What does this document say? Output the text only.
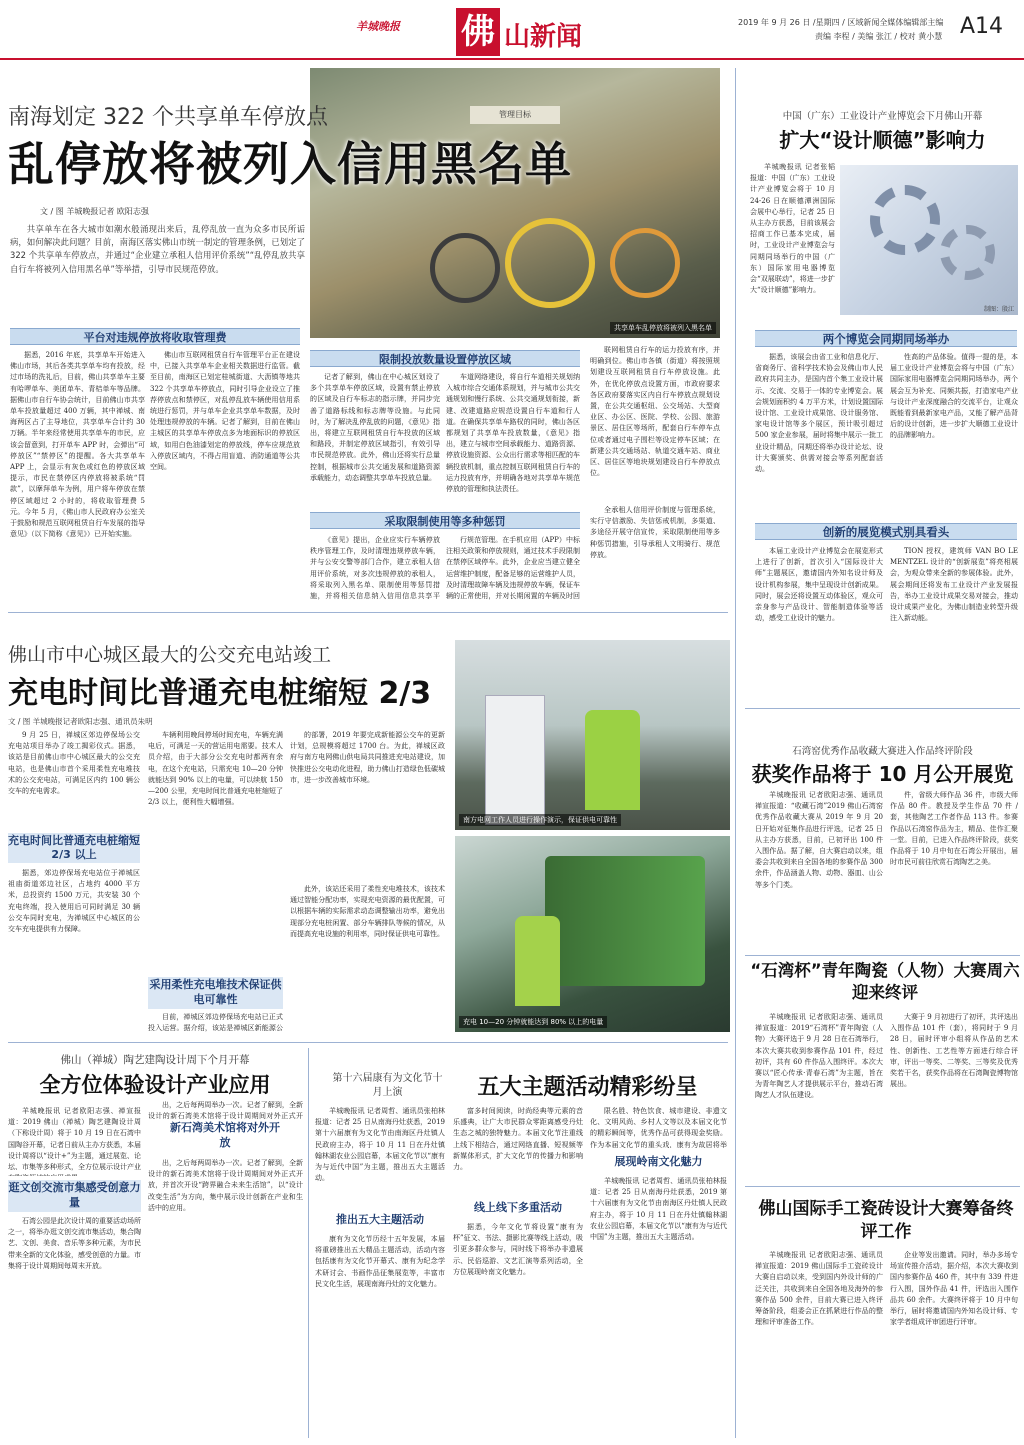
羊城晚报 佛 山新闻	2019 年 9 月 26 日 /星期四 / 区域新闻全媒体编辑部主编
责编 李程 / 美编 张江 / 校对 黄小慧 A14
管理目标
共享单车乱停放将被列入黑名单
南海划定 322 个共享单车停放点
乱停放将被列入信用黑名单
文 / 图 羊城晚报记者 欧阳志强

共享单车在各大城市如潮水般涌现出来后，乱停乱放一直为众多市民所诟病，如何解决此问题？目前，南海区落实佛山市统一制定的管理条例，已划定了 322 个共享单车停放点，并通过“企业建立承租人信用评价系统”“乱停乱放共享自行车将被列入信用黑名单”等举措，引导市民规范停放。

平台对违规停放将收取管理费

据悉，2016 年底，共享单车开始进入佛山市场，其后各类共享单车均有投放，经过市场的洗礼后，目前，佛山共享单车主要有哈啰单车、美团单车、青桔单车等品牌。据佛山市自行车协会统计，目前佛山市共享单车投放量超过 400 万辆，其中禅城、南海两区占了主导地位，共享单车合计约 30 万辆。半年来经常使用共享单车的市民，应该会留意到，打开单车 APP 时，会弹出“可停放区”“禁停区”的提醒。各大共享单车 APP 上，会显示有灰色或红色的停放区域提示，市民在禁停区内停放将被系统“罚款”，以摩拜单车为例，用户将车停放在禁停区域超过 2 小时的，将收取管理费 5 元。今年 5 月，《佛山市人民政府办公室关于鼓励和规范互联网租赁自行车发展的指导意见》（以下简称《意见》）已开始实施。

佛山市互联网租赁自行车管理平台正在建设中，已接入共享单车企业相关数据进行监管。截至目前，南海区已划定桂城街道、大沥镇等地共 322 个共享单车停放点，同时引导企业设立了推荐停放点和禁停区，对乱停乱放车辆使用信用系统进行惩罚，并与单车企业共享单车数据，及时处理违规停放的车辆。记者了解到，目前在佛山主城区的共享单车停放点多为地面标识的停放区域，如用白色油漆划定的停放线，停车应规范放入停放区域内，不得占用盲道、消防通道等公共空间。

限制投放数量设置停放区域

记者了解到，佛山在中心城区划设了多个共享单车停放区域，设置有禁止停放的区域及自行车标志的指示牌，并同步完善了道路标线和标志牌等设施。与此同时，为了解决乱停乱放的问题，《意见》指出，将建立互联网租赁自行车投放的区域和路段，并制定停放区域指引，有效引导市民规范停放。此外，佛山还将实行总量控制，根据城市公共交通发展和道路资源承载能力，动态调整共享单车投放总量。

车道网络建设，将自行车道相关规划纳入城市综合交通体系规划，并与城市公共交通规划和慢行系统、公共交通规划衔接，新建、改建道路应规范设置自行车道和行人道。在确保共享单车路权的同时，佛山各区都规划了共享单车投放数量，《意见》指出，建立与城市空间承载能力、道路资源、停放设施资源、公众出行需求等相匹配的车辆投放机制，重点控制互联网租赁自行车的运力投放有序，并明确各地对共享单车规范停放的管理和执法责任。

联网租赁自行车的运力投放有序，并明确到位。佛山市各镇（街道）将按照规划建设互联网租赁自行车停放设施。此外，在优化停放点设置方面，市政府要求各区政府要落实区内自行车停放点规划设置，在公共交通枢纽、公交场站、大型商业区、办公区、医院、学校、公园、旅游景区、居住区等场所，配套自行车停车点位或者通过电子围栏等设定停车区域；在新建公共交通场站、轨道交通车站、商业区、居住区等地块规划建设自行车停放点位。

采取限制使用等多种惩罚

《意见》提出，企业应实行车辆停放秩序管理工作，及时清理违规停放车辆，并与公安交警等部门合作，建立承租人信用评价系统，对多次违规停放的承租人，将采取列入黑名单、限制使用等惩罚措施，并将相关信息纳入信用信息共享平

行规范管理。在手机应用（APP）中标注相关政策和停放规则，通过技术手段限制在禁停区域停车。此外，企业应当建立健全运营维护制度，配备足够的运营维护人员，及时清理故障车辆及违规停放车辆，保证车辆的正常使用，并对长期闲置的车辆及时回

全承租人信用评价制度与管理系统，实行守信激励、失信惩戒机制，多渠道、多途径开展守信宣传，采取限制使用等多种惩罚措施，引导承租人文明骑行、规范停放。

中国（广东）工业设计产业博览会下月佛山开幕
扩大“设计顺德”影响力

羊城晚报讯 记者张韬报道：中国（广东）工业设计产业博览会将于 10 月 24-26 日在顺德潭洲国际会展中心举行，记者 25 日从主办方获悉，目前该展会招商工作已基本完成，届时，工业设计产业博览会与同期同场举行的中国（广东）国际家用电器博览会“双展联动”，将进一步扩大“设计顺德”影响力。

制图：殷江
两个博览会同期同场举办

据悉，该展会由省工业和信息化厅、省商务厅、省科学技术协会及佛山市人民政府共同主办，是国内首个集工业设计展示、交流、交易于一体的专业博览会。展会规划面积约 4 万平方米，计划设置国际设计馆、工业设计成果馆、设计服务馆、家电设计馆等多个展区，预计吸引超过 500 家企业参展，届时将集中展示一批工业设计精品，同期还将举办设计论坛、设计大赛颁奖、供需对接会等系列配套活动。

性高的产品体验。值得一提的是，本届工业设计产业博览会将与中国（广东）国际家用电器博览会同期同场举办，两个展会互为补充、同频共振，打造家电产业与设计产业深度融合的交流平台，让观众既能看到最新家电产品，又能了解产品背后的设计创新，进一步扩大顺德工业设计的品牌影响力。

创新的展览模式别具看头

本届工业设计产业博览会在展览形式上进行了创新，首次引入“国际设计大师”主题展区，邀请国内外知名设计师及设计机构参展，集中呈现设计创新成果。同时，展会还将设置互动体验区，观众可亲身参与产品设计、智能制造体验等活动，感受工业设计的魅力。

TION 授权，建筑师 VAN BO LE MENTZEL 设计的“创新展览”将亮相展会，为观众带来全新的参展体验。此外，展会期间还将发布工业设计产业发展报告，举办工业设计成果交易对接会，推动设计成果产业化，为佛山制造业转型升级注入新动能。

佛山市中心城区最大的公交充电站竣工
充电时间比普通充电桩缩短 2/3
文 / 图 羊城晚报记者欧阳志强、通讯员朱明

9 月 25 日，禅城区郊边停保场公交充电站项目举办了竣工揭彩仪式。据悉，该站是目前佛山市中心城区最大的公交充电站，也是佛山市首个采用柔性充电堆技术的公交充电站，可满足区内约 100 辆公交车的充电需求。

充电时间比普通充电桩缩短 2/3 以上

据悉，郊边停保场充电站位于禅城区祖庙街道郊边社区，占地约 4000 平方米，总投资约 1500 万元，共安装 30 个充电终端，投入使用后可同时满足 30 辆公交车同时充电，为禅城区中心城区的公交车充电提供有力保障。

车辆利用晚间停场时间充电，车辆充满电后，可满足一天的营运用电需要。技术人员介绍，由于大部分公交充电时都两有余电，在这个充电站，只需充电 10—20 分钟就能达到 90% 以上的电量，可以续航 150—200 公里，充电时间比普通充电桩缩短了 2/3 以上，便利性大幅增强。

采用柔性充电堆技术保证供电可靠性

目前，禅城区郊边停保场充电站已正式投入运营。据介绍，该站是禅城区新能源公

的部署，2019 年要完成新能源公交车的更新计划，总规模将超过 1700 台。为此，禅城区政府与南方电网佛山供电局共同推进充电站建设，加快推进公交电动化进程，助力佛山打造绿色低碳城市，进一步改善城市环境。

此外，该站还采用了柔性充电堆技术，该技术通过智能分配功率，实现充电资源的最优配置，可以根据车辆的实际需求动态调整输出功率，避免出现部分充电桩闲置、部分车辆排队等候的情况，从而提高充电设施的利用率，同时保证供电可靠性。

南方电网工作人员进行操作演示，保证供电可靠性
充电 10—20 分钟就能达到 80% 以上的电量
石湾窑优秀作品收藏大赛进入作品终评阶段
获奖作品将于 10 月公开展览

羊城晚报讯 记者欧阳志强、通讯员禅宣报道：“收藏石湾”2019 佛山石湾窑优秀作品收藏大赛从 2019 年 9 月 20 日开始对征集作品进行评选，记者 25 日从主办方获悉，目前，已初评出 100 件入围作品。据了解，自大赛启动以来，组委会共收到来自全国各地的参赛作品 300 余件，作品涵盖人物、动物、器皿、山公等多个门类。

件，省级大师作品 36 件，市级大师作品 80 件。教授及学生作品 70 件 / 套，其他陶艺工作者作品 113 件。参赛作品以石湾窑作品为主，精品、佳作汇聚一堂。目前，已进入作品终评阶段，获奖作品将于 10 月中旬在石湾公开展出，届时市民可前往欣赏石湾陶艺之美。

“石湾杯”青年陶瓷（人物）大赛周六迎来终评

羊城晚报讯 记者欧阳志强、通讯员禅宣报道：2019“石湾杯”青年陶瓷（人物）大赛评选于 9 月 28 日在石湾举行，本次大赛共收到参赛作品 101 件，经过初评，共有 60 件作品入围终评。本次大赛以“匠心传承·青春石湾”为主题，旨在为青年陶艺人才提供展示平台，推动石湾陶艺人才队伍建设。

大赛于 9 月初进行了初评，共评选出入围作品 101 件（套），将同时于 9 月 28 日，届时评审小组将从作品的艺术性、创新性、工艺性等方面进行综合评审，评出一等奖、二等奖、三等奖及优秀奖若干名，获奖作品将在石湾陶瓷博物馆展出。

佛山（禅城）陶艺建陶设计周下个月开幕
全方位体验设计产业应用

羊城晚报讯 记者欧阳志强、禅宣报道：2019 佛山（禅城）陶艺建陶设计周（下称设计周）将于 10 月 19 日在石湾中国陶谷开幕，记者日前从主办方获悉，本届设计周将以“设计+”为主题，通过展览、论坛、市集等多种形式，全方位展示设计产业

逛文创交流市集感受创意力量

石湾公园是此次设计周的重要活动场所之一，将举办逛文创交流市集活动，集合陶艺、文创、美食、音乐等多种元素，为市民带来全新的文化体验，感受创意的力量。市集将于设计周期间每周末开放。

出，之后每两周举办一次。记者了解到，全新设计的新石湾美术馆将于设计周期间对外正式开

新石湾美术馆将对外开放

出，之后每两周举办一次。记者了解到，全新设计的新石湾美术馆将于设计周期间对外正式开放，并首次开设“跨界融合未来生活馆”，以“设计改变生活”为方向，集中展示设计创新在产业和生活中的应用。

第十六届康有为文化节十月上演	五大主题活动精彩纷呈

羊城晚报讯 记者周哲、通讯员张柏林报道：记者 25 日从南海丹灶获悉，2019 第十六届康有为文化节由南海区丹灶镇人民政府主办，将于 10 月 11 日在丹灶镇翰林湖农业公园启幕，本届文化节以“康有为与近代中国”为主题，推出五大主题活动。

推出五大主题活动

康有为文化节历经十五年发展，本届将重磅推出五大精品主题活动，活动内容包括康有为文化节开幕式、康有为纪念学术研讨会、书画作品征集展览等，丰富市民文化生活，展现南海丹灶的文化魅力。

富多时间阅读，时尚经典等元素的音乐盛典，让广大市民群众零距离感受丹灶生态之城的独特魅力。本届文化节注重线上线下相结合，通过网络直播、短视频等新媒体形式，扩大文化节的传播力和影响力。

线上线下多重活动

据悉，今年文化节将设置“康有为杯”征文、书法、摄影比赛等线上活动，吸引更多群众参与，同时线下将举办非遗展示、民俗巡游、文艺汇演等系列活动，全方位展现岭南文化魅力。

限名胜、特色饮食、城市建设、非遗文化、文明风尚、乡村人文等以及本届文化节的精彩瞬间等，优秀作品可获得现金奖励。作为本届文化节的重头戏，康有为故居将举

展现岭南文化魅力

羊城晚报讯 记者周哲、通讯员张柏林报道：记者 25 日从南海丹灶获悉，2019 第十六届康有为文化节由南海区丹灶镇人民政府主办，将于 10 月 11 日在丹灶镇翰林湖农业公园启幕，本届文化节以“康有为与近代中国”为主题，推出五大主题活动。

佛山国际手工瓷砖设计大赛筹备终评工作

羊城晚报讯 记者欧阳志强、通讯员禅宣报道：2019 佛山国际手工瓷砖设计大赛自启动以来，受到国内外设计师的广泛关注，共收到来自全国各地及海外的参赛作品 500 余件，目前大赛已进入终评筹备阶段，组委会正在抓紧进行作品的整理和评审准备工作。

企业等发出邀请。同时，举办多场专场宣传推介活动，据介绍，本次大赛收到国内参赛作品 460 件，其中有 339 件进行入围，国外作品 41 件，评选出入围作品共 60 余件。大赛终评将于 10 月中旬举行，届时将邀请国内外知名设计师、专家学者组成评审团进行评审。
